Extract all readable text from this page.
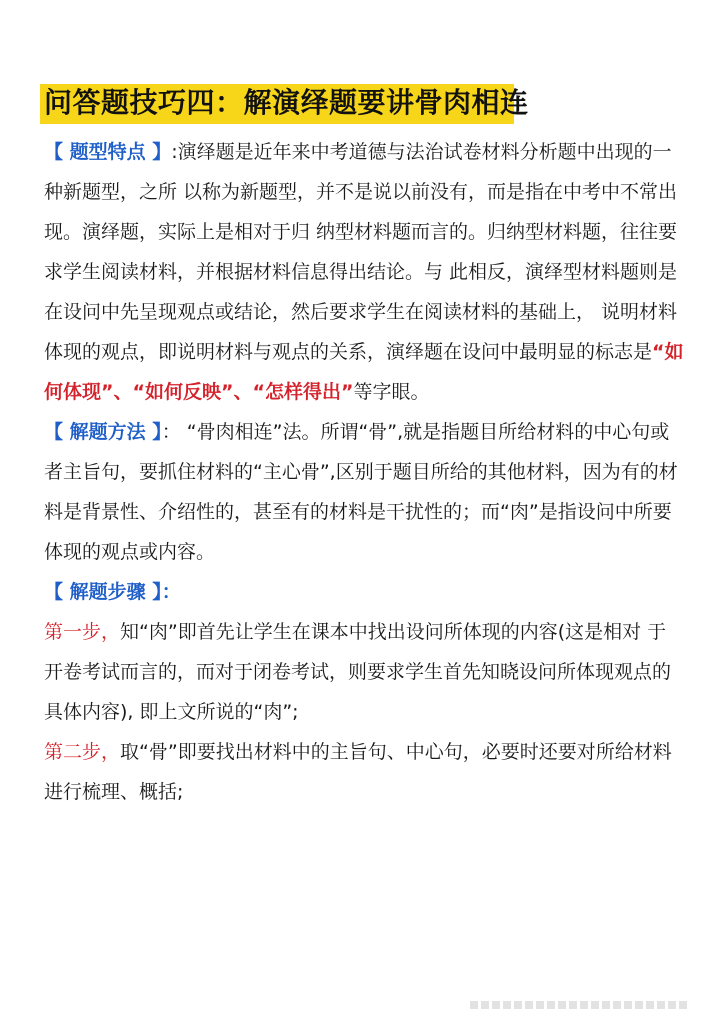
问答题技巧四：解演绎题要讲骨肉相连

【 题型特点 】:演绎题是近年来中考道德与法治试卷材料分析题中出现的一种新题型，之所 以称为新题型，并不是说以前没有，而是指在中考中不常出现。演绎题，实际上是相对于归 纳型材料题而言的。归纳型材料题，往往要求学生阅读材料，并根据材料信息得出结论。与 此相反，演绎型材料题则是在设问中先呈现观点或结论，然后要求学生在阅读材料的基础上， 说明材料体现的观点，即说明材料与观点的关系，演绎题在设问中最明显的标志是“如何体现”、“如何反映”、“怎样得出”等字眼。

【 解题方法 】： “骨肉相连”法。所谓“骨”,就是指题目所给材料的中心句或者主旨句，要抓住材料的“主心骨”,区别于题目所给的其他材料，因为有的材料是背景性、介绍性的，甚至有的材料是干扰性的；而“肉”是指设问中所要体现的观点或内容。

【 解题步骤 】：

第一步，知“肉”即首先让学生在课本中找出设问所体现的内容(这是相对 于开卷考试而言的，而对于闭卷考试，则要求学生首先知晓设问所体现观点的具体内容), 即上文所说的“肉”;

第二步，取“骨”即要找出材料中的主旨句、中心句，必要时还要对所给材料进行梳理、概括;
